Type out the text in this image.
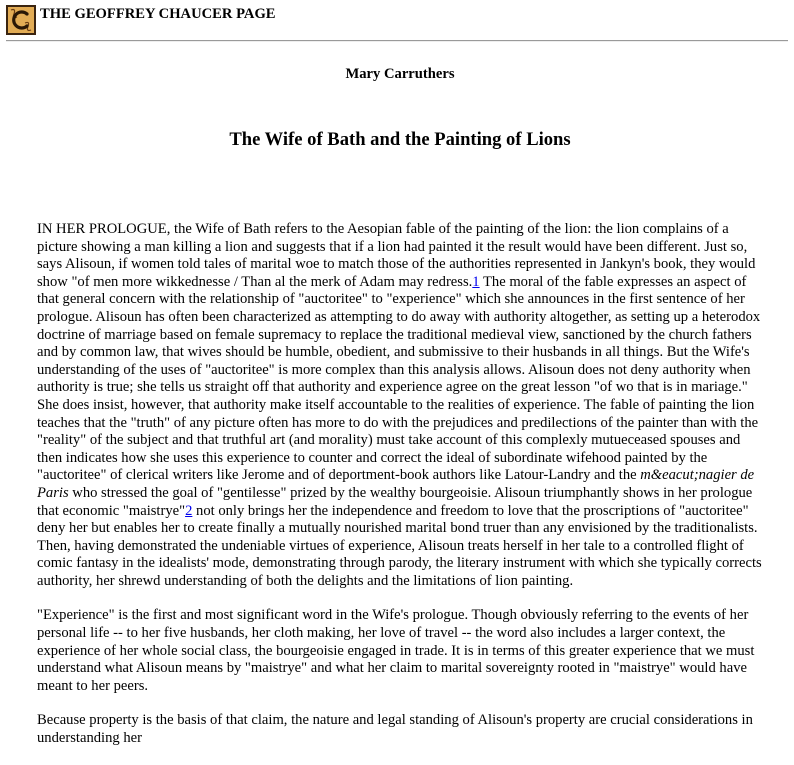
THE GEOFFREY CHAUCER PAGE
Mary Carruthers
The Wife of Bath and the Painting of Lions

IN HER PROLOGUE, the Wife of Bath refers to the Aesopian fable of the painting of the lion: the lion complains of a picture showing a man killing a lion and suggests that if a lion had painted it the result would have been different. Just so, says Alisoun, if women told tales of marital woe to match those of the authorities represented in Jankyn's book, they would show "of men more wikkednesse / Than al the merk of Adam may redress.1 The moral of the fable expresses an aspect of that general concern with the relationship of "auctoritee" to "experience" which she announces in the first sentence of her prologue. Alisoun has often been characterized as attempting to do away with authority altogether, as setting up a heterodox doctrine of marriage based on female supremacy to replace the traditional medieval view, sanctioned by the church fathers and by common law, that wives should be humble, obedient, and submissive to their husbands in all things. But the Wife's understanding of the uses of "auctoritee" is more complex than this analysis allows. Alisoun does not deny authority when authority is true; she tells us straight off that authority and experience agree on the great lesson "of wo that is in mariage." She does insist, however, that authority make itself accountable to the realities of experience. The fable of painting the lion teaches that the "truth" of any picture often has more to do with the prejudices and predilections of the painter than with the "reality" of the subject and that truthful art (and morality) must take account of this complexly mutueceased spouses and then indicates how she uses this experience to counter and correct the ideal of subordinate wifehood painted by the "auctoritee" of clerical writers like Jerome and of deportment-book authors like Latour-Landry and the m&eacut;nagier de Paris who stressed the goal of "gentilesse" prized by the wealthy bourgeoisie. Alisoun triumphantly shows in her prologue that economic "maistrye"2 not only brings her the independence and freedom to love that the proscriptions of "auctoritee" deny her but enables her to create finally a mutually nourished marital bond truer than any envisioned by the traditionalists. Then, having demonstrated the undeniable virtues of experience, Alisoun treats herself in her tale to a controlled flight of comic fantasy in the idealists' mode, demonstrating through parody, the literary instrument with which she typically corrects authority, her shrewd understanding of both the delights and the limitations of lion painting.

"Experience" is the first and most significant word in the Wife's prologue. Though obviously referring to the events of her personal life -- to her five husbands, her cloth making, her love of travel -- the word also includes a larger context, the experience of her whole social class, the bourgeoisie engaged in trade. It is in terms of this greater experience that we must understand what Alisoun means by "maistrye" and what her claim to marital sovereignty rooted in "maistrye" would have meant to her peers.

Because property is the basis of that claim, the nature and legal standing of Alisoun's property are crucial considerations in understanding her
